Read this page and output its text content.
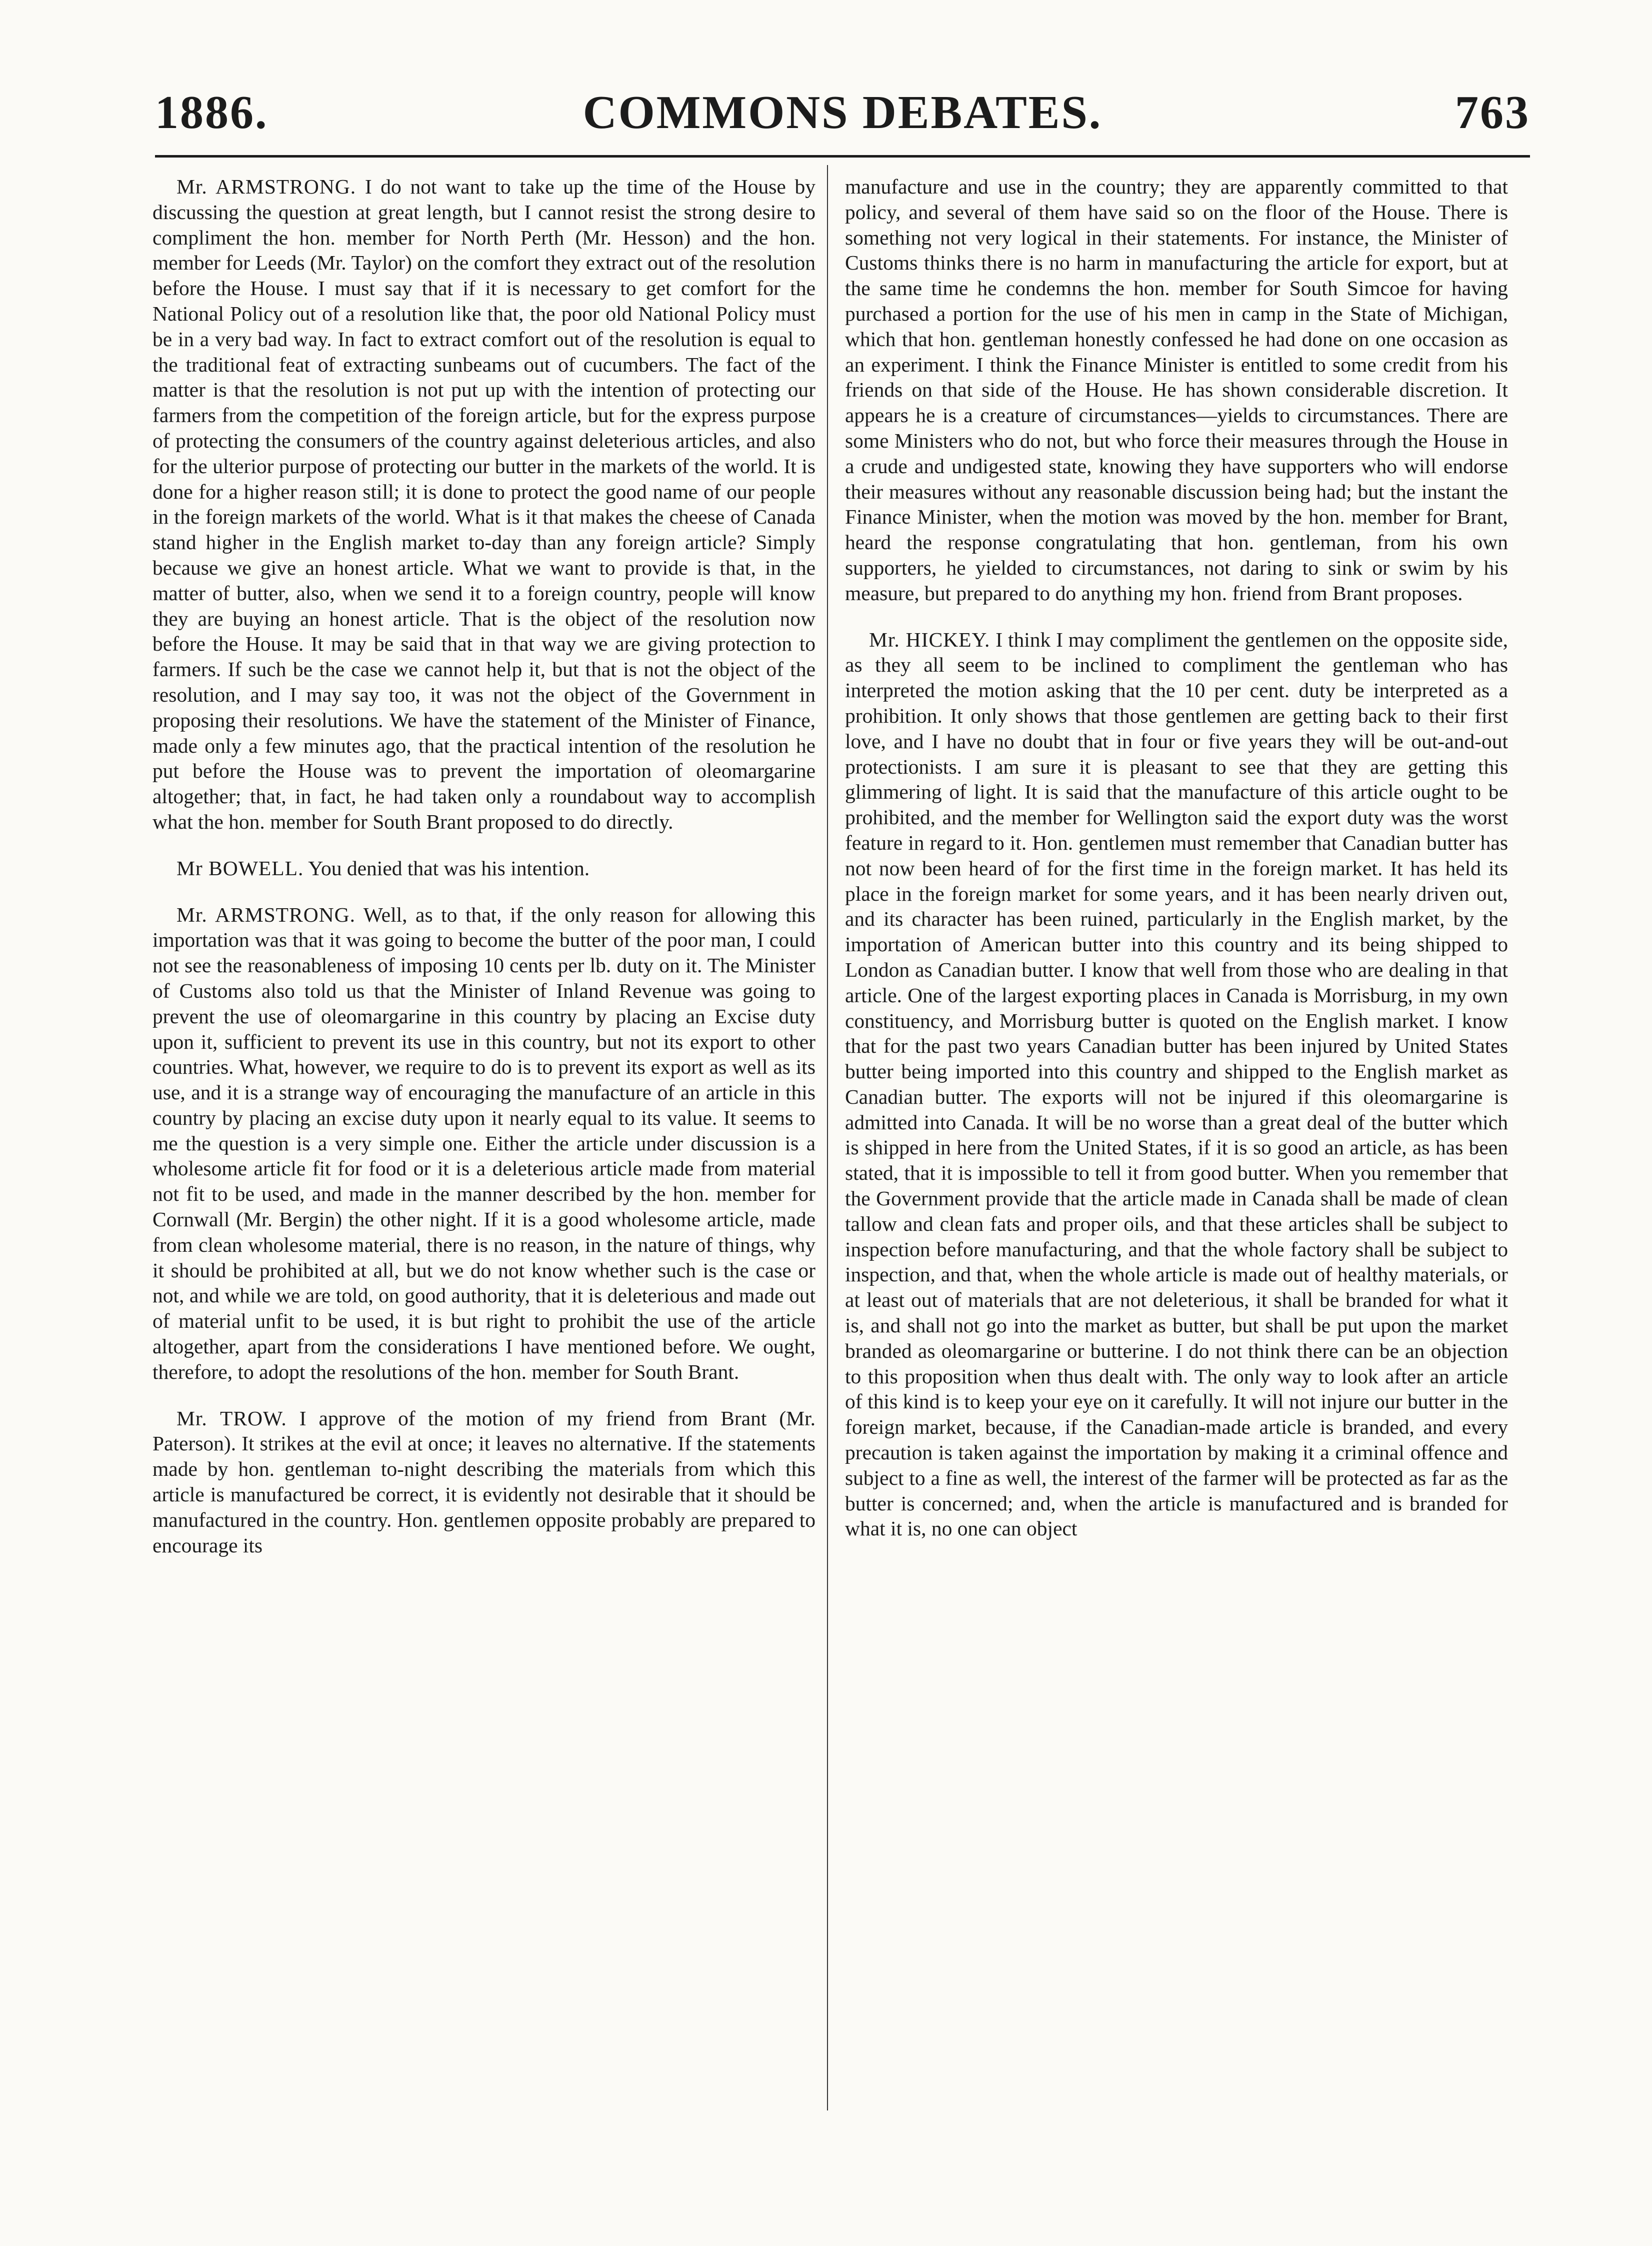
1886.	COMMONS DEBATES.	763

Mr. ARMSTRONG. I do not want to take up the time of the House by discussing the question at great length, but I cannot resist the strong desire to compliment the hon. member for North Perth (Mr. Hesson) and the hon. member for Leeds (Mr. Taylor) on the comfort they extract out of the resolution before the House. I must say that if it is necessary to get comfort for the National Policy out of a resolution like that, the poor old National Policy must be in a very bad way. In fact to extract comfort out of the resolution is equal to the traditional feat of extracting sunbeams out of cucumbers. The fact of the matter is that the resolution is not put up with the intention of protecting our farmers from the competition of the foreign article, but for the express purpose of protecting the consumers of the country against deleterious articles, and also for the ulterior purpose of protecting our butter in the markets of the world. It is done for a higher reason still; it is done to protect the good name of our people in the foreign markets of the world. What is it that makes the cheese of Canada stand higher in the English market to-day than any foreign article? Simply because we give an honest article. What we want to provide is that, in the matter of butter, also, when we send it to a foreign country, people will know they are buying an honest article. That is the object of the resolution now before the House. It may be said that in that way we are giving protection to farmers. If such be the case we cannot help it, but that is not the object of the resolution, and I may say too, it was not the object of the Government in proposing their resolutions. We have the statement of the Minister of Finance, made only a few minutes ago, that the practical intention of the resolution he put before the House was to prevent the importation of oleomargarine altogether; that, in fact, he had taken only a roundabout way to accomplish what the hon. member for South Brant proposed to do directly.

Mr BOWELL. You denied that was his intention.

Mr. ARMSTRONG. Well, as to that, if the only reason for allowing this importation was that it was going to become the butter of the poor man, I could not see the reasonableness of imposing 10 cents per lb. duty on it. The Minister of Customs also told us that the Minister of Inland Revenue was going to prevent the use of oleomargarine in this country by placing an Excise duty upon it, sufficient to prevent its use in this country, but not its export to other countries. What, however, we require to do is to prevent its export as well as its use, and it is a strange way of encouraging the manufacture of an article in this country by placing an excise duty upon it nearly equal to its value. It seems to me the question is a very simple one. Either the article under discussion is a wholesome article fit for food or it is a deleterious article made from material not fit to be used, and made in the manner described by the hon. member for Cornwall (Mr. Bergin) the other night. If it is a good wholesome article, made from clean wholesome material, there is no reason, in the nature of things, why it should be prohibited at all, but we do not know whether such is the case or not, and while we are told, on good authority, that it is deleterious and made out of material unfit to be used, it is but right to prohibit the use of the article altogether, apart from the considerations I have mentioned before. We ought, therefore, to adopt the resolutions of the hon. member for South Brant.

Mr. TROW. I approve of the motion of my friend from Brant (Mr. Paterson). It strikes at the evil at once; it leaves no alternative. If the statements made by hon. gentleman to-night describing the materials from which this article is manufactured be correct, it is evidently not desirable that it should be manufactured in the country. Hon. gentlemen opposite probably are prepared to encourage its

manufacture and use in the country; they are apparently committed to that policy, and several of them have said so on the floor of the House. There is something not very logical in their statements. For instance, the Minister of Customs thinks there is no harm in manufacturing the article for export, but at the same time he condemns the hon. member for South Simcoe for having purchased a portion for the use of his men in camp in the State of Michigan, which that hon. gentleman honestly confessed he had done on one occasion as an experiment. I think the Finance Minister is entitled to some credit from his friends on that side of the House. He has shown considerable discretion. It appears he is a creature of circumstances—yields to circumstances. There are some Ministers who do not, but who force their measures through the House in a crude and undigested state, knowing they have supporters who will endorse their measures without any reasonable discussion being had; but the instant the Finance Minister, when the motion was moved by the hon. member for Brant, heard the response congratulating that hon. gentleman, from his own supporters, he yielded to circumstances, not daring to sink or swim by his measure, but prepared to do anything my hon. friend from Brant proposes.

Mr. HICKEY. I think I may compliment the gentlemen on the opposite side, as they all seem to be inclined to compliment the gentleman who has interpreted the motion asking that the 10 per cent. duty be interpreted as a prohibition. It only shows that those gentlemen are getting back to their first love, and I have no doubt that in four or five years they will be out-and-out protectionists. I am sure it is pleasant to see that they are getting this glimmering of light. It is said that the manufacture of this article ought to be prohibited, and the member for Wellington said the export duty was the worst feature in regard to it. Hon. gentlemen must remember that Canadian butter has not now been heard of for the first time in the foreign market. It has held its place in the foreign market for some years, and it has been nearly driven out, and its character has been ruined, particularly in the English market, by the importation of American butter into this country and its being shipped to London as Canadian butter. I know that well from those who are dealing in that article. One of the largest exporting places in Canada is Morrisburg, in my own constituency, and Morrisburg butter is quoted on the English market. I know that for the past two years Canadian butter has been injured by United States butter being imported into this country and shipped to the English market as Canadian butter. The exports will not be injured if this oleomargarine is admitted into Canada. It will be no worse than a great deal of the butter which is shipped in here from the United States, if it is so good an article, as has been stated, that it is impossible to tell it from good butter. When you remember that the Government provide that the article made in Canada shall be made of clean tallow and clean fats and proper oils, and that these articles shall be subject to inspection before manufacturing, and that the whole factory shall be subject to inspection, and that, when the whole article is made out of healthy materials, or at least out of materials that are not deleterious, it shall be branded for what it is, and shall not go into the market as butter, but shall be put upon the market branded as oleomargarine or butterine. I do not think there can be an objection to this proposition when thus dealt with. The only way to look after an article of this kind is to keep your eye on it carefully. It will not injure our butter in the foreign market, because, if the Canadian-made article is branded, and every precaution is taken against the importation by making it a criminal offence and subject to a fine as well, the interest of the farmer will be protected as far as the butter is concerned; and, when the article is manufactured and is branded for what it is, no one can object
